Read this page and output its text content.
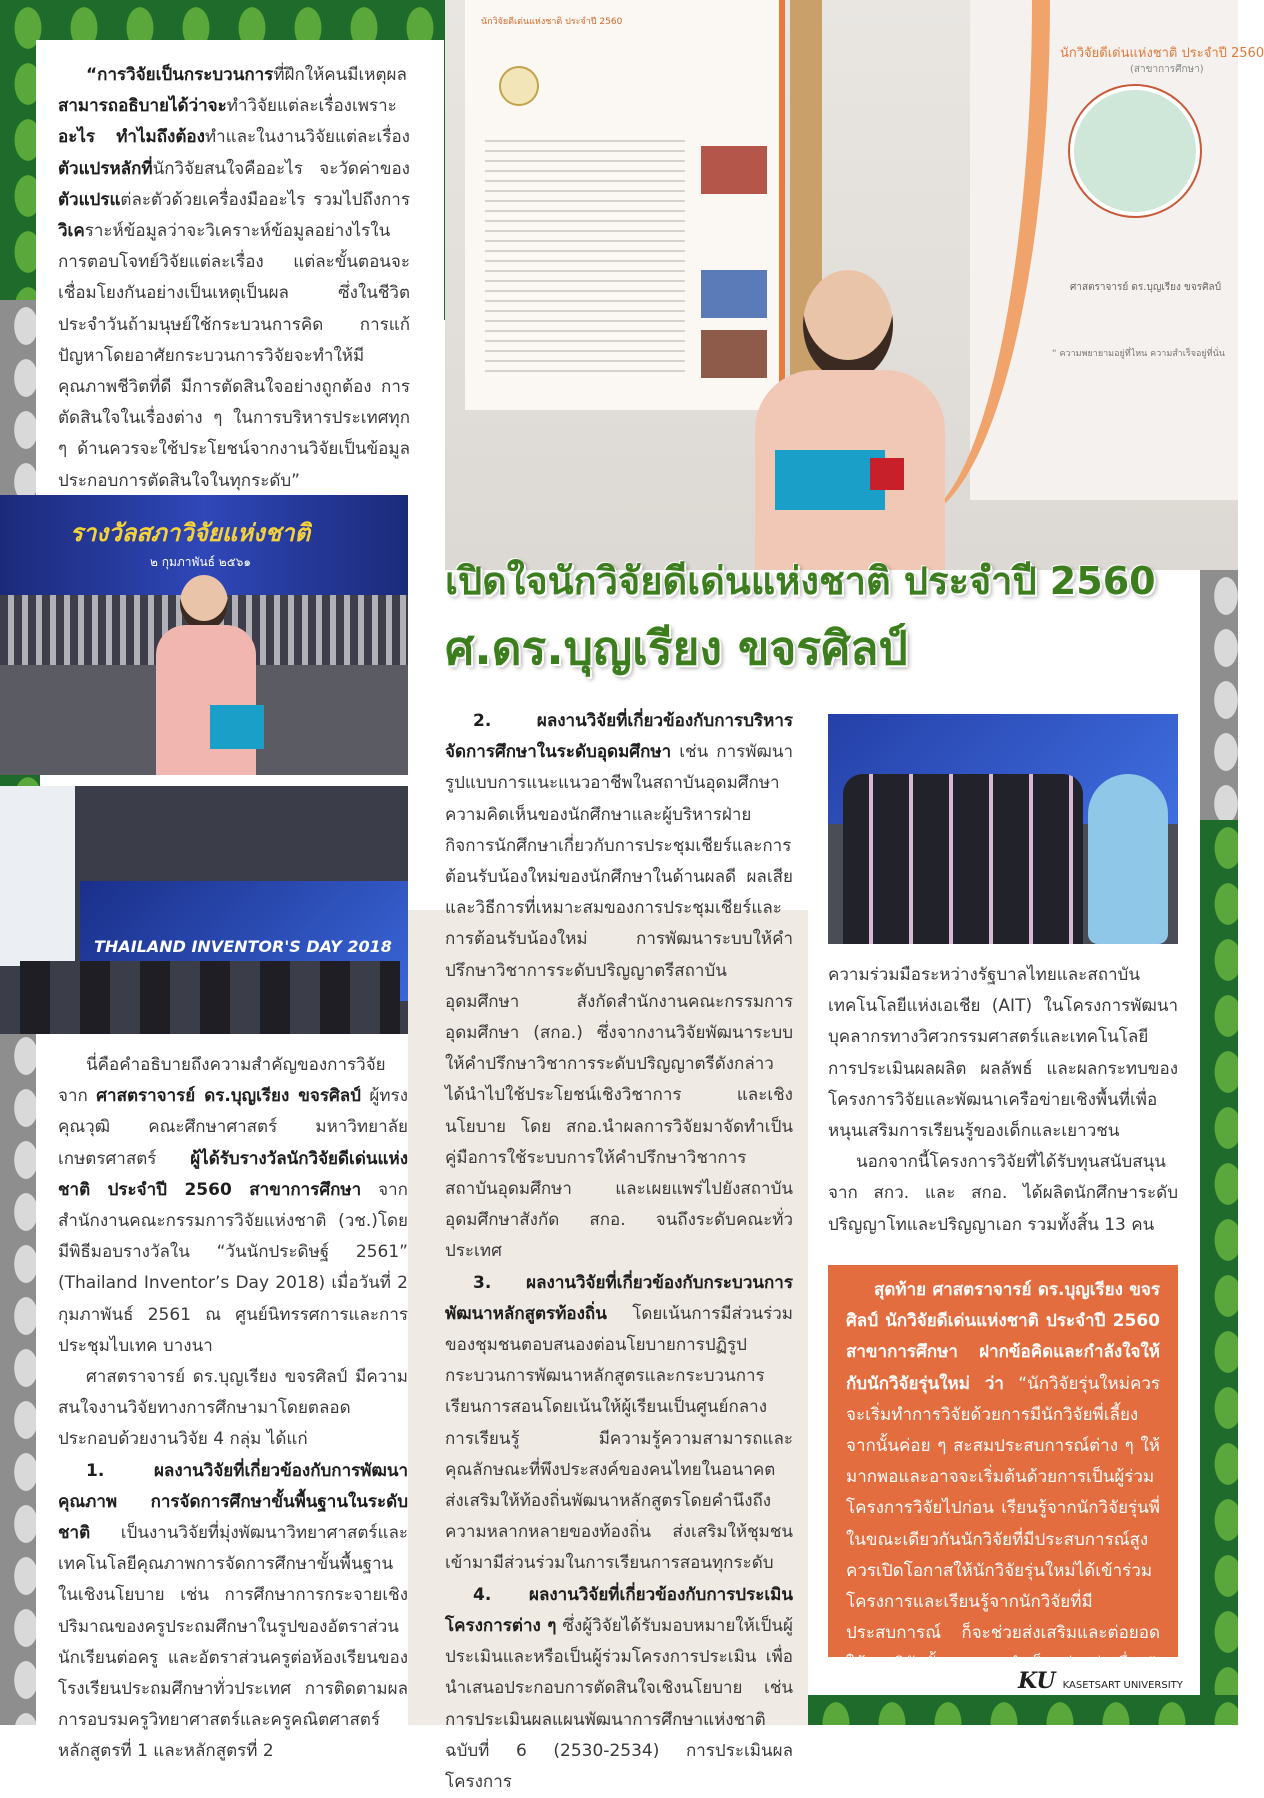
“การวิจัยเป็นกระบวนการที่ฝึกให้คนมีเหตุผล สามารถอธิบายได้ว่าจะทำวิจัยแต่ละเรื่องเพราะอะไร ทำไมถึงต้องทำและในงานวิจัยแต่ละเรื่อง ตัวแปรหลักที่นักวิจัยสนใจคืออะไร จะวัดค่าของตัวแปรแต่ละตัวด้วยเครื่องมืออะไร รวมไปถึงการวิเคราะห์ข้อมูลว่าจะวิเคราะห์ข้อมูลอย่างไรในการตอบโจทย์วิจัยแต่ละเรื่อง แต่ละขั้นตอนจะเชื่อมโยงกันอย่างเป็นเหตุเป็นผล ซึ่งในชีวิตประจำวันถ้ามนุษย์ใช้กระบวนการคิด การแก้ปัญหาโดยอาศัยกระบวนการวิจัยจะทำให้มีคุณภาพชีวิตที่ดี มีการตัดสินใจอย่างถูกต้อง การตัดสินใจในเรื่องต่าง ๆ ในการบริหารประเทศทุก ๆ ด้านควรจะใช้ประโยชน์จากงานวิจัยเป็นข้อมูลประกอบการตัดสินใจในทุกระดับ”
นักวิจัยดีเด่นแห่งชาติ ประจำปี 2560
นักวิจัยดีเด่นแห่งชาติ ประจำปี 2560
(สาขาการศึกษา)
ศาสตราจารย์ ดร.บุญเรียง ขจรศิลป์
“ ความพยายามอยู่ที่ไหน ความสำเร็จอยู่ที่นั่น
เปิดใจนักวิจัยดีเด่นแห่งชาติ ประจำปี 2560
ศ.ดร.บุญเรียง ขจรศิลป์
รางวัลสภาวิจัยแห่งชาติ
๒ กุมภาพันธ์ ๒๕๖๑
THAILAND INVENTOR'S DAY 2018
นี่คือคำอธิบายถึงความสำคัญของการวิจัยจาก ศาสตราจารย์ ดร.บุญเรียง ขจรศิลป์ ผู้ทรงคุณวุฒิ คณะศึกษาศาสตร์ มหาวิทยาลัยเกษตรศาสตร์ ผู้ได้รับรางวัลนักวิจัยดีเด่นแห่งชาติ ประจำปี 2560 สาขาการศึกษา จากสำนักงานคณะกรรมการวิจัยแห่งชาติ (วช.)โดยมีพิธีมอบรางวัลใน “วันนักประดิษฐ์ 2561” (Thailand Inventor’s Day 2018) เมื่อวันที่ 2 กุมภาพันธ์ 2561 ณ ศูนย์นิทรรศการและการประชุมไบเทค บางนา
ศาสตราจารย์ ดร.บุญเรียง ขจรศิลป์ มีความสนใจงานวิจัยทางการศึกษามาโดยตลอด ประกอบด้วยงานวิจัย 4 กลุ่ม ได้แก่
1. ผลงานวิจัยที่เกี่ยวข้องกับการพัฒนาคุณภาพ การจัดการศึกษาขั้นพื้นฐานในระดับชาติ เป็นงานวิจัยที่มุ่งพัฒนาวิทยาศาสตร์และเทคโนโลยีคุณภาพการจัดการศึกษาขั้นพื้นฐานในเชิงนโยบาย เช่น การศึกษาการกระจายเชิงปริมาณของครูประถมศึกษาในรูปของอัตราส่วนนักเรียนต่อครู และอัตราส่วนครูต่อห้องเรียนของโรงเรียนประถมศึกษาทั่วประเทศ การติดตามผลการอบรมครูวิทยาศาสตร์และครูคณิตศาสตร์ หลักสูตรที่ 1 และหลักสูตรที่ 2
2. ผลงานวิจัยที่เกี่ยวข้องกับการบริหารจัดการศึกษาในระดับอุดมศึกษา เช่น การพัฒนารูปแบบการแนะแนวอาชีพในสถาบันอุดมศึกษา ความคิดเห็นของนักศึกษาและผู้บริหารฝ่ายกิจการนักศึกษาเกี่ยวกับการประชุมเชียร์และการต้อนรับน้องใหม่ของนักศึกษาในด้านผลดี ผลเสีย และวิธีการที่เหมาะสมของการประชุมเชียร์และการต้อนรับน้องใหม่ การพัฒนาระบบให้คำปรึกษาวิชาการระดับปริญญาตรีสถาบันอุดมศึกษา สังกัดสำนักงานคณะกรรมการอุดมศึกษา (สกอ.) ซึ่งจากงานวิจัยพัฒนาระบบให้คำปรึกษาวิชาการระดับปริญญาตรีดังกล่าว ได้นำไปใช้ประโยชน์เชิงวิชาการ และเชิงนโยบาย โดย สกอ.นำผลการวิจัยมาจัดทำเป็นคู่มือการใช้ระบบการให้คำปรึกษาวิชาการสถาบันอุดมศึกษา และเผยแพร่ไปยังสถาบันอุดมศึกษาสังกัด สกอ. จนถึงระดับคณะทั่วประเทศ
3. ผลงานวิจัยที่เกี่ยวข้องกับกระบวนการพัฒนาหลักสูตรท้องถิ่น โดยเน้นการมีส่วนร่วมของชุมชนตอบสนองต่อนโยบายการปฏิรูปกระบวนการพัฒนาหลักสูตรและกระบวนการเรียนการสอนโดยเน้นให้ผู้เรียนเป็นศูนย์กลางการเรียนรู้ มีความรู้ความสามารถและคุณลักษณะที่พึงประสงค์ของคนไทยในอนาคต ส่งเสริมให้ท้องถิ่นพัฒนาหลักสูตรโดยคำนึงถึงความหลากหลายของท้องถิ่น ส่งเสริมให้ชุมชนเข้ามามีส่วนร่วมในการเรียนการสอนทุกระดับ
4. ผลงานวิจัยที่เกี่ยวข้องกับการประเมินโครงการต่าง ๆ ซึ่งผู้วิจัยได้รับมอบหมายให้เป็นผู้ประเมินและหรือเป็นผู้ร่วมโครงการประเมิน เพื่อนำเสนอประกอบการตัดสินใจเชิงนโยบาย เช่น การประเมินผลแผนพัฒนาการศึกษาแห่งชาติ ฉบับที่ 6 (2530-2534) การประเมินผลโครงการ
ความร่วมมือระหว่างรัฐบาลไทยและสถาบันเทคโนโลยีแห่งเอเชีย (AIT) ในโครงการพัฒนาบุคลากรทางวิศวกรรมศาสตร์และเทคโนโลยี การประเมินผลผลิต ผลลัพธ์ และผลกระทบของโครงการวิจัยและพัฒนาเครือข่ายเชิงพื้นที่เพื่อหนุนเสริมการเรียนรู้ของเด็กและเยาวชน
นอกจากนี้โครงการวิจัยที่ได้รับทุนสนับสนุนจาก สกว. และ สกอ. ได้ผลิตนักศึกษาระดับปริญญาโทและปริญญาเอก รวมทั้งสิ้น 13 คน
สุดท้าย ศาสตราจารย์ ดร.บุญเรียง ขจรศิลป์ นักวิจัยดีเด่นแห่งชาติ ประจำปี 2560 สาขาการศึกษา ฝากข้อคิดและกำลังใจให้กับนักวิจัยรุ่นใหม่ ว่า “นักวิจัยรุ่นใหม่ควรจะเริ่มทำการวิจัยด้วยการมีนักวิจัยพี่เลี้ยง จากนั้นค่อย ๆ สะสมประสบการณ์ต่าง ๆ ให้มากพอและอาจจะเริ่มต้นด้วยการเป็นผู้ร่วมโครงการวิจัยไปก่อน เรียนรู้จากนักวิจัยรุ่นพี่ ในขณะเดียวกันนักวิจัยที่มีประสบการณ์สูง ควรเปิดโอกาสให้นักวิจัยรุ่นใหม่ได้เข้าร่วมโครงการและเรียนรู้จากนักวิจัยที่มีประสบการณ์ ก็จะช่วยส่งเสริมและต่อยอดให้งานวิจัยนั้นบรรลุผลสำเร็จอย่างต่อเนื่อง”
KU KASETSART UNIVERSITY
